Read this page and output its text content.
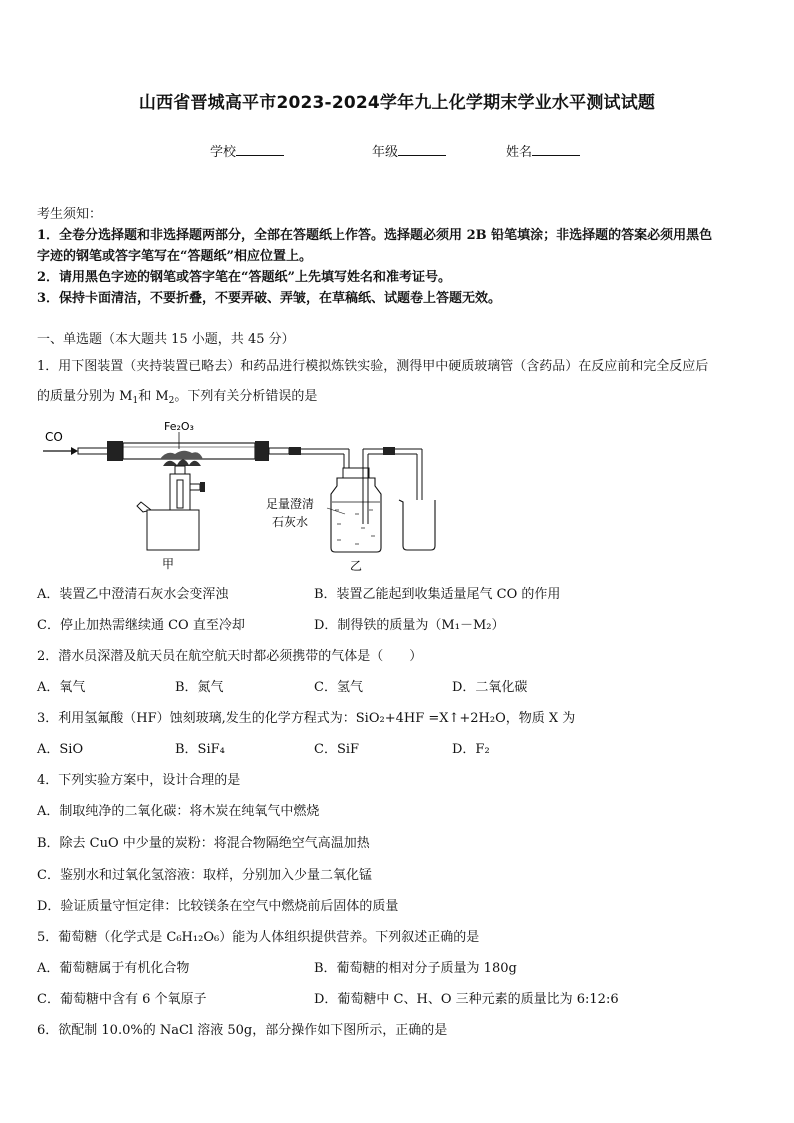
山西省晋城高平市2023-2024学年九上化学期末学业水平测试试题
学校	年级	姓名
考生须知：
1．全卷分选择题和非选择题两部分，全部在答题纸上作答。选择题必须用 2B 铅笔填涂；非选择题的答案必须用黑色
字迹的钢笔或答字笔写在“答题纸”相应位置上。
2．请用黑色字迹的钢笔或答字笔在“答题纸”上先填写姓名和准考证号。
3．保持卡面清洁，不要折叠，不要弄破、弄皱，在草稿纸、试题卷上答题无效。
一、单选题（本大题共 15 小题，共 45 分）
1．用下图装置（夹持装置已略去）和药品进行模拟炼铁实验，测得甲中硬质玻璃管（含药品）在反应前和完全反应后
的质量分别为 $M_1$和 $M_2$。下列有关分析错误的是
CO
Fe₂O₃
甲
足量澄清
石灰水
乙
A．装置乙中澄清石灰水会变浑浊	B．装置乙能起到收集适量尾气 CO 的作用
C．停止加热需继续通 CO 直至冷却	D．制得铁的质量为（M₁－M₂）
2．潜水员深潜及航天员在航空航天时都必须携带的气体是（　　）
A．氧气	B．氮气	C．氢气	D．二氧化碳
3．利用氢氟酸（HF）蚀刻玻璃,发生的化学方程式为：SiO₂+4HF =X↑+2H₂O，物质 X 为
A．SiO	B．SiF₄	C．SiF	D．F₂
4．下列实验方案中，设计合理的是
A．制取纯净的二氧化碳：将木炭在纯氧气中燃烧
B．除去 CuO 中少量的炭粉：将混合物隔绝空气高温加热
C．鉴别水和过氧化氢溶液：取样，分别加入少量二氧化锰
D．验证质量守恒定律：比较镁条在空气中燃烧前后固体的质量
5．葡萄糖（化学式是 C₆H₁₂O₆）能为人体组织提供营养。下列叙述正确的是
A．葡萄糖属于有机化合物	B．葡萄糖的相对分子质量为 180g
C．葡萄糖中含有 6 个氧原子	D．葡萄糖中 C、H、O 三种元素的质量比为 6:12:6
6．欲配制 10.0%的 NaCl 溶液 50g，部分操作如下图所示，正确的是
